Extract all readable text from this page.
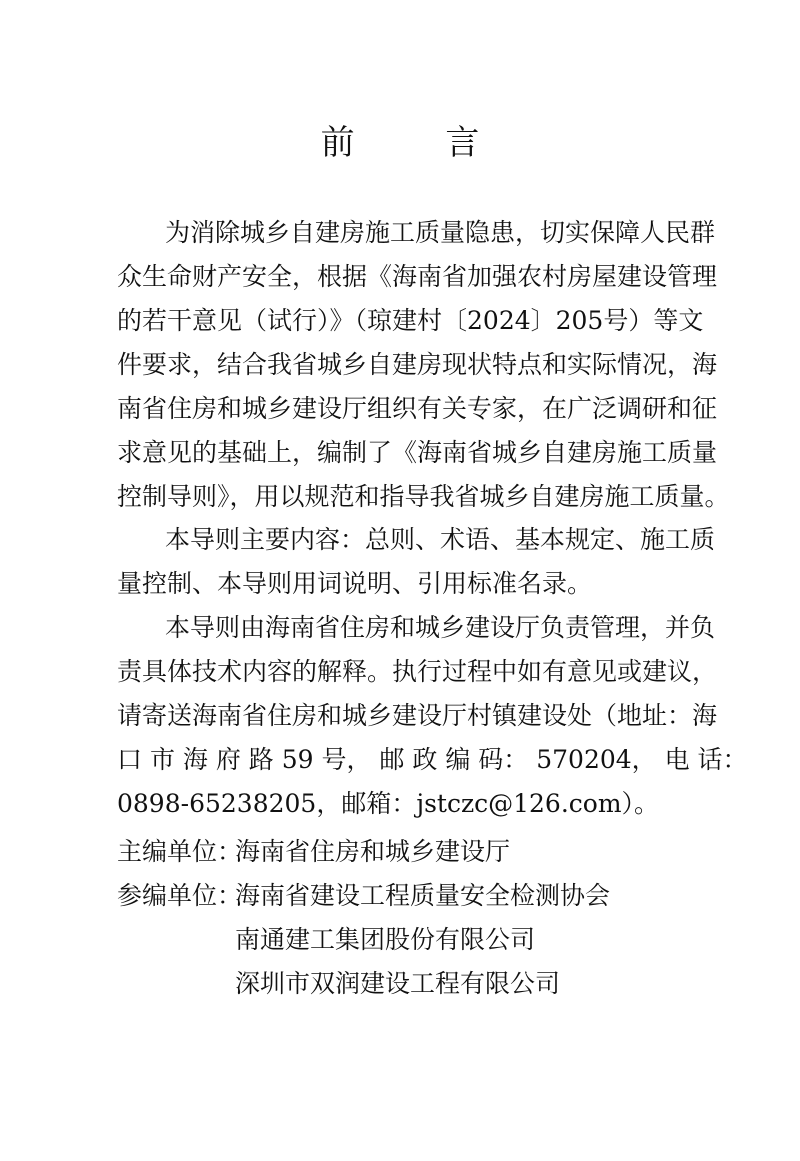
前 言
为消除城乡自建房施工质量隐患，切实保障人民群
众生命财产安全，根据《海南省加强农村房屋建设管理
的若干意见（试行）》（琼建村〔2024〕205号）等文
件要求，结合我省城乡自建房现状特点和实际情况，海
南省住房和城乡建设厅组织有关专家，在广泛调研和征
求意见的基础上，编制了《海南省城乡自建房施工质量
控制导则》，用以规范和指导我省城乡自建房施工质量。
本导则主要内容：总则、术语、基本规定、施工质
量控制、本导则用词说明、引用标准名录。
本导则由海南省住房和城乡建设厅负责管理，并负
责具体技术内容的解释。执行过程中如有意见或建议，
请寄送海南省住房和城乡建设厅村镇建设处（地址：海
口 市 海 府 路 59 号， 邮 政 编 码： 570204， 电 话：
0898-65238205，邮箱：jstczc@126.com）。
主编单位：
海南省住房和城乡建设厅
参编单位：
海南省建设工程质量安全检测协会
南通建工集团股份有限公司
深圳市双润建设工程有限公司
